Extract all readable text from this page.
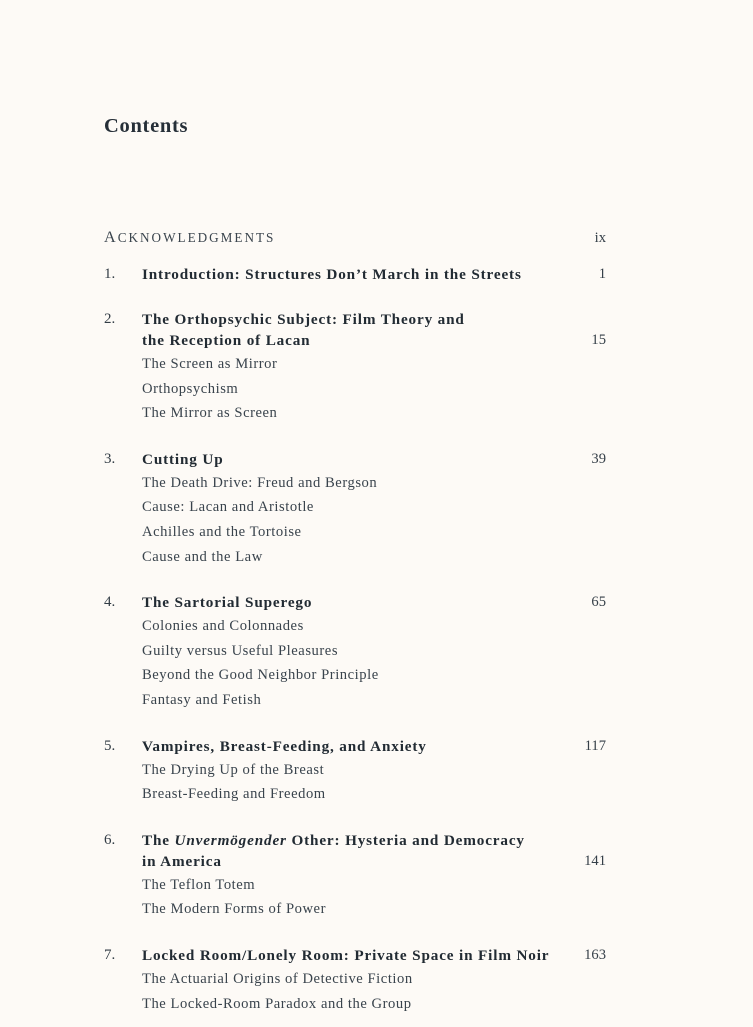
Contents
ACKNOWLEDGMENTS	ix
1.	Introduction: Structures Don’t March in the Streets	1
2.	The Orthopsychic Subject: Film Theory and
the Reception of Lacan	15
The Screen as Mirror
Orthopsychism
The Mirror as Screen
3.	Cutting Up	39
The Death Drive: Freud and Bergson
Cause: Lacan and Aristotle
Achilles and the Tortoise
Cause and the Law
4.	The Sartorial Superego	65
Colonies and Colonnades
Guilty versus Useful Pleasures
Beyond the Good Neighbor Principle
Fantasy and Fetish
5.	Vampires, Breast-Feeding, and Anxiety	117
The Drying Up of the Breast
Breast-Feeding and Freedom
6.	The Unvermögender Other: Hysteria and Democracy
in America	141
The Teflon Totem
The Modern Forms of Power
7.	Locked Room/Lonely Room: Private Space in Film Noir	163
The Actuarial Origins of Detective Fiction
The Locked-Room Paradox and the Group
